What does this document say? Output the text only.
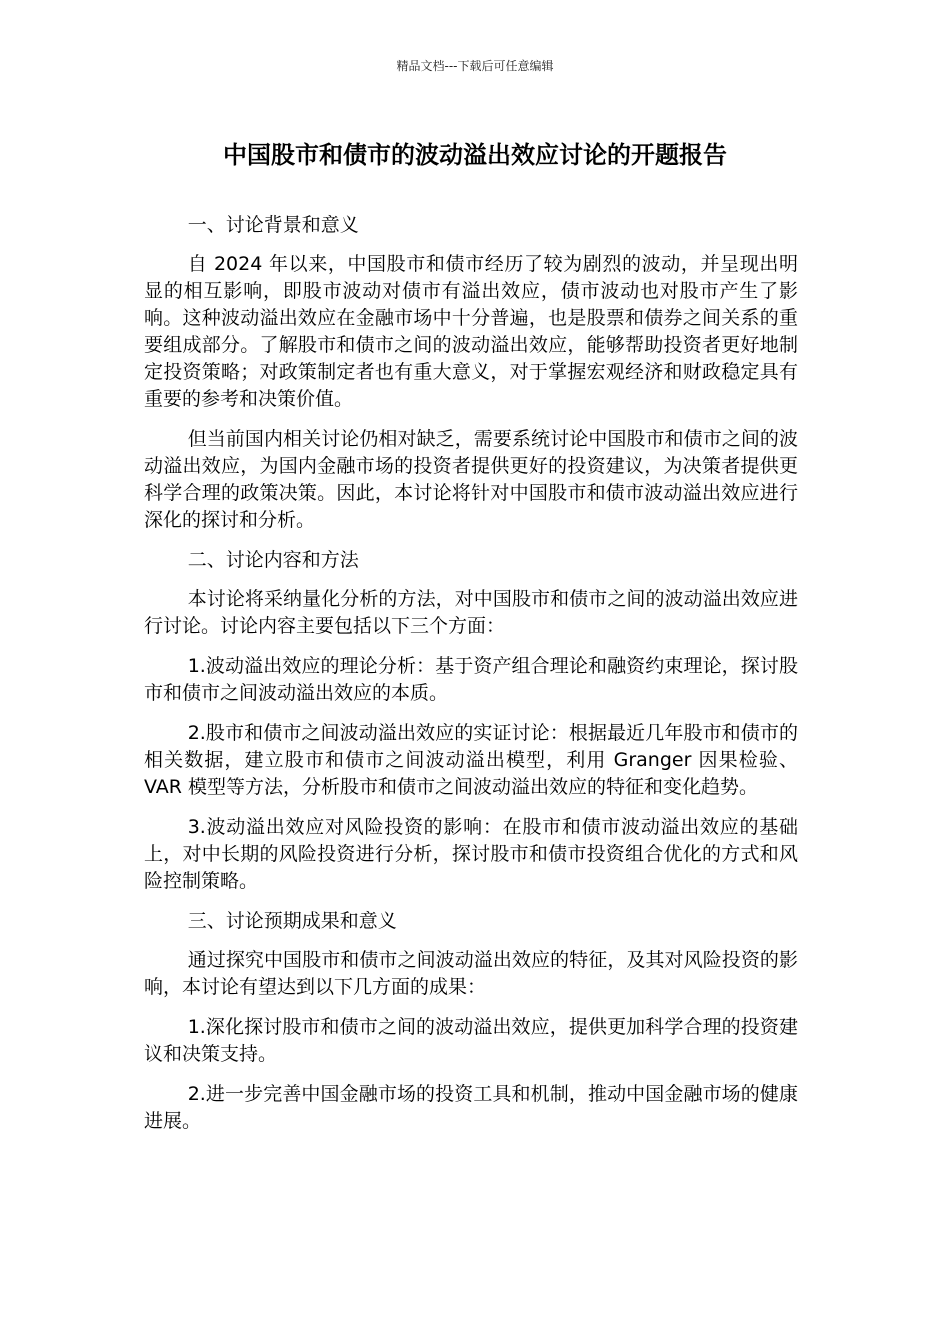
精品文档---下载后可任意编辑
中国股市和债市的波动溢出效应讨论的开题报告

一、讨论背景和意义

自 2024 年以来，中国股市和债市经历了较为剧烈的波动，并呈现出明显的相互影响，即股市波动对债市有溢出效应，债市波动也对股市产生了影响。这种波动溢出效应在金融市场中十分普遍，也是股票和债券之间关系的重要组成部分。了解股市和债市之间的波动溢出效应，能够帮助投资者更好地制定投资策略；对政策制定者也有重大意义，对于掌握宏观经济和财政稳定具有重要的参考和决策价值。

但当前国内相关讨论仍相对缺乏，需要系统讨论中国股市和债市之间的波动溢出效应，为国内金融市场的投资者提供更好的投资建议，为决策者提供更科学合理的政策决策。因此，本讨论将针对中国股市和债市波动溢出效应进行深化的探讨和分析。

二、讨论内容和方法

本讨论将采纳量化分析的方法，对中国股市和债市之间的波动溢出效应进行讨论。讨论内容主要包括以下三个方面：

1.波动溢出效应的理论分析：基于资产组合理论和融资约束理论，探讨股市和债市之间波动溢出效应的本质。

2.股市和债市之间波动溢出效应的实证讨论：根据最近几年股市和债市的相关数据，建立股市和债市之间波动溢出模型，利用 Granger 因果检验、VAR 模型等方法，分析股市和债市之间波动溢出效应的特征和变化趋势。

3.波动溢出效应对风险投资的影响：在股市和债市波动溢出效应的基础上，对中长期的风险投资进行分析，探讨股市和债市投资组合优化的方式和风险控制策略。

三、讨论预期成果和意义

通过探究中国股市和债市之间波动溢出效应的特征，及其对风险投资的影响，本讨论有望达到以下几方面的成果：

1.深化探讨股市和债市之间的波动溢出效应，提供更加科学合理的投资建议和决策支持。

2.进一步完善中国金融市场的投资工具和机制，推动中国金融市场的健康进展。
